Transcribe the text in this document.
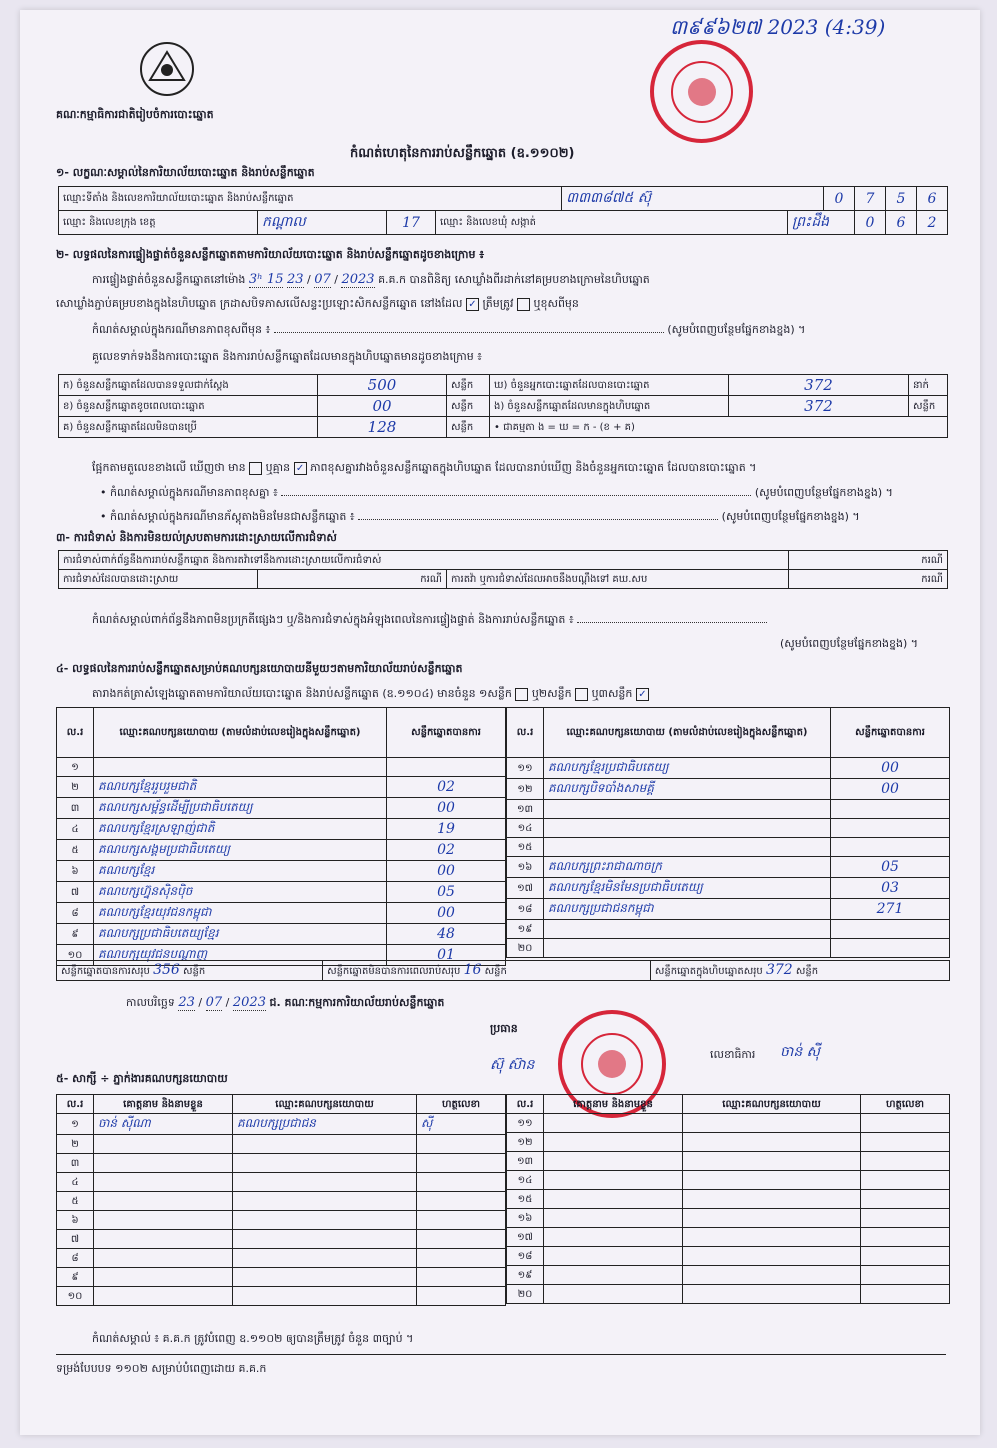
គណៈកម្មាធិការជាតិរៀបចំការបោះឆ្នោត
៣៩៩៦២៧ 2023 (4:39)
កំណត់ហេតុនៃការរាប់សន្លឹកឆ្នោត (ឧ.១១០២)
១- លក្ខណៈសម្គាល់នៃការិយាល័យបោះឆ្នោត និងរាប់សន្លឹកឆ្នោត
ឈ្មោះទីតាំង និងលេខការិយាល័យបោះឆ្នោត និងរាប់សន្លឹកឆ្នោត				៣៣៣៨៧៥ ស៊ុ		0	7	5	6
ឈ្មោះ និងលេខក្រុង ខេត្ត	កណ្ដាល	17	ឈ្មោះ និងលេខឃុំ សង្កាត់		ព្រះដឹង		0	6	2
២- លទ្ធផលនៃការផ្ទៀងផ្ទាត់ចំនួនសន្លឹកឆ្នោតតាមការិយាល័យបោះឆ្នោត និងរាប់សន្លឹកឆ្នោតដូចខាងក្រោម ៖
ការផ្ទៀងផ្ទាត់ចំនួនសន្លឹកឆ្នោតនៅម៉ោង 3ʰ 15 23 / 07 / 2023 គ.គ.ក បានពិនិត្យ សោឃ្លាំងពីរដាក់នៅគម្របខាងក្រោមនៃហិបឆ្នោត
សោឃ្លាំងភ្ជាប់គម្របខាងក្នុងនៃហិបឆ្នោត ក្រដាសបិទភាសលើសន្ទះប្រឡោះសិកសន្លឹកឆ្នោត នៅងដែល ✓ ត្រឹមត្រូវ ឬខុសពីមុន
កំណត់សម្គាល់ក្នុងករណីមានភាពខុសពីមុន ៖	(សូមបំពេញបន្ថែមផ្នែកខាងខ្នង) ។
គួលេខទាក់ទងនឹងការបោះឆ្នោត និងការរាប់សន្លឹកឆ្នោតដែលមានក្នុងហិបឆ្នោតមានដូចខាងក្រោម ៖
ក) ចំនួនសន្លឹកឆ្នោតដែលបានទទួលជាក់ស្តែង	500	សន្លឹក	ឃ) ចំនួនអ្នកបោះឆ្នោតដែលបានបោះឆ្នោត	372	នាក់
ខ) ចំនួនសន្លឹកឆ្នោតខូចពេលបោះឆ្នោត	00	សន្លឹក	ង) ចំនួនសន្លឹកឆ្នោតដែលមានក្នុងហិបឆ្នោត	372	សន្លឹក
គ) ចំនួនសន្លឹកឆ្នោតដែលមិនបានប្រើ	128	សន្លឹក	• ជាគម្មតា ង = ឃ = ក - (ខ + គ)		
ផ្អែកតាមតួលេខខាងលើ ឃើញថា មាន ឬគ្មាន ✓ ភាពខុសគ្នារវាងចំនួនសន្លឹកឆ្នោតក្នុងហិបឆ្នោត ដែលបានរាប់ឃើញ និងចំនួនអ្នកបោះឆ្នោត ដែលបានបោះឆ្នោត ។
• កំណត់សម្គាល់ក្នុងករណីមានភាពខុសគ្នា ៖	(សូមបំពេញបន្ថែមផ្នែកខាងខ្នង) ។
• កំណត់សម្គាល់ក្នុងករណីមានភ័ស្តុតាងមិនមែនជាសន្លឹកឆ្នោត ៖	(សូមបំពេញបន្ថែមផ្នែកខាងខ្នង) ។
៣- ការជំទាស់ និងការមិនយល់ស្របតាមការដោះស្រាយលើការជំទាស់
ការជំទាស់ពាក់ព័ន្ធនឹងការរាប់សន្លឹកឆ្នោត និងការតវ៉ាទៅនឹងការដោះស្រាយលើការជំទាស់			ករណី
ការជំទាស់ដែលបានដោះស្រាយ	ករណី	ការតវ៉ា ឬការជំទាស់ដែលអាចនឹងបណ្ដឹងទៅ គឃ.សប	ករណី
កំណត់សម្គាល់ពាក់ព័ន្ធនឹងភាពមិនប្រក្រតីផ្សេងៗ ឬ/និងការជំទាស់ក្នុងអំឡុងពេលនៃការផ្ទៀងផ្ទាត់ និងការរាប់សន្លឹកឆ្នោត ៖
(សូមបំពេញបន្ថែមផ្នែកខាងខ្នង) ។
៤- លទ្ធផលនៃការរាប់សន្លឹកឆ្នោតសម្រាប់គណបក្សនយោបាយនីមួយៗតាមការិយាល័យរាប់សន្លឹកឆ្នោត
តារាងកត់ត្រាសំឡេងឆ្នោតតាមការិយាល័យបោះឆ្នោត និងរាប់សន្លឹកឆ្នោត (ឧ.១១០៤) មានចំនួន ១សន្លឹក ឬ២សន្លឹក ឬ៣សន្លឹក ✓
ល.រ	ឈ្មោះគណបក្សនយោបាយ (តាមលំដាប់លេខរៀងក្នុងសន្លឹកឆ្នោត)	សន្លឹកឆ្នោតបានការ
១		
២	គណបក្សខ្មែររួបរួមជាតិ	02
៣	គណបក្សសម្ព័ន្ធដើម្បីប្រជាធិបតេយ្យ	00
៤	គណបក្សខ្មែរស្រឡាញ់ជាតិ	19
៥	គណបក្សសង្គមប្រជាធិបតេយ្យ	02
៦	គណបក្សខ្មែរ	00
៧	គណបក្សហ្វ៊ុនស៊ិនប៉ិច	05
៨	គណបក្សខ្មែរយុវជនកម្ពុជា	00
៩	គណបក្សប្រជាធិបតេយ្យខ្មែរ	48
១០	គណបក្សយុវជនបណ្ដាញ	01
ល.រ	ឈ្មោះគណបក្សនយោបាយ (តាមលំដាប់លេខរៀងក្នុងសន្លឹកឆ្នោត)	សន្លឹកឆ្នោតបានការ
១១	គណបក្សខ្មែរប្រជាធិបតេយ្យ	00
១២	គណបក្សបិទបាំងសាមគ្គី	00
១៣		
១៤		
១៥		
១៦	គណបក្សព្រះរាជាណាចក្រ	05
១៧	គណបក្សខ្មែរមិនមែនប្រជាធិបតេយ្យ	03
១៨	គណបក្សប្រជាជនកម្ពុជា	271
១៩		
២០		
សន្លឹកឆ្នោតបានការសរុប 356 សន្លឹក	សន្លឹកឆ្នោតមិនបានការពេលរាប់សរុប 16 សន្លឹក	សន្លឹកឆ្នោតក្នុងហិបឆ្នោតសរុប 372 សន្លឹក
កាលបរិច្ឆេទ 23 / 07 / 2023 ជ. គណៈកម្មការការិយាល័យរាប់សន្លឹកឆ្នោត
ប្រធាន
ស៊ុ ស៊ាន
លេខាធិការ ចាន់ ស៊ី
៥- សាក្សី ÷ ភ្នាក់ងារគណបក្សនយោបាយ
ល.រ	គោត្តនាម និងនាមខ្លួន	ឈ្មោះគណបក្សនយោបាយ	ហត្ថលេខា
១	ចាន់ ស៊ីណា	គណបក្សប្រជាជន	ស៊ី
២			
៣			
៤			
៥			
៦			
៧			
៨			
៩			
១០			
ល.រ	គោត្តនាម និងនាមខ្លួន	ឈ្មោះគណបក្សនយោបាយ	ហត្ថលេខា
១១			
១២			
១៣			
១៤			
១៥			
១៦			
១៧			
១៨			
១៩			
២០			
កំណត់សម្គាល់ ៖ គ.គ.ក ត្រូវបំពេញ ឧ.១១០២ ឲ្យបានត្រឹមត្រូវ ចំនួន ៣ច្បាប់ ។
ទម្រង់បែបបទ ១១០២ សម្រាប់បំពេញដោយ គ.គ.ក
